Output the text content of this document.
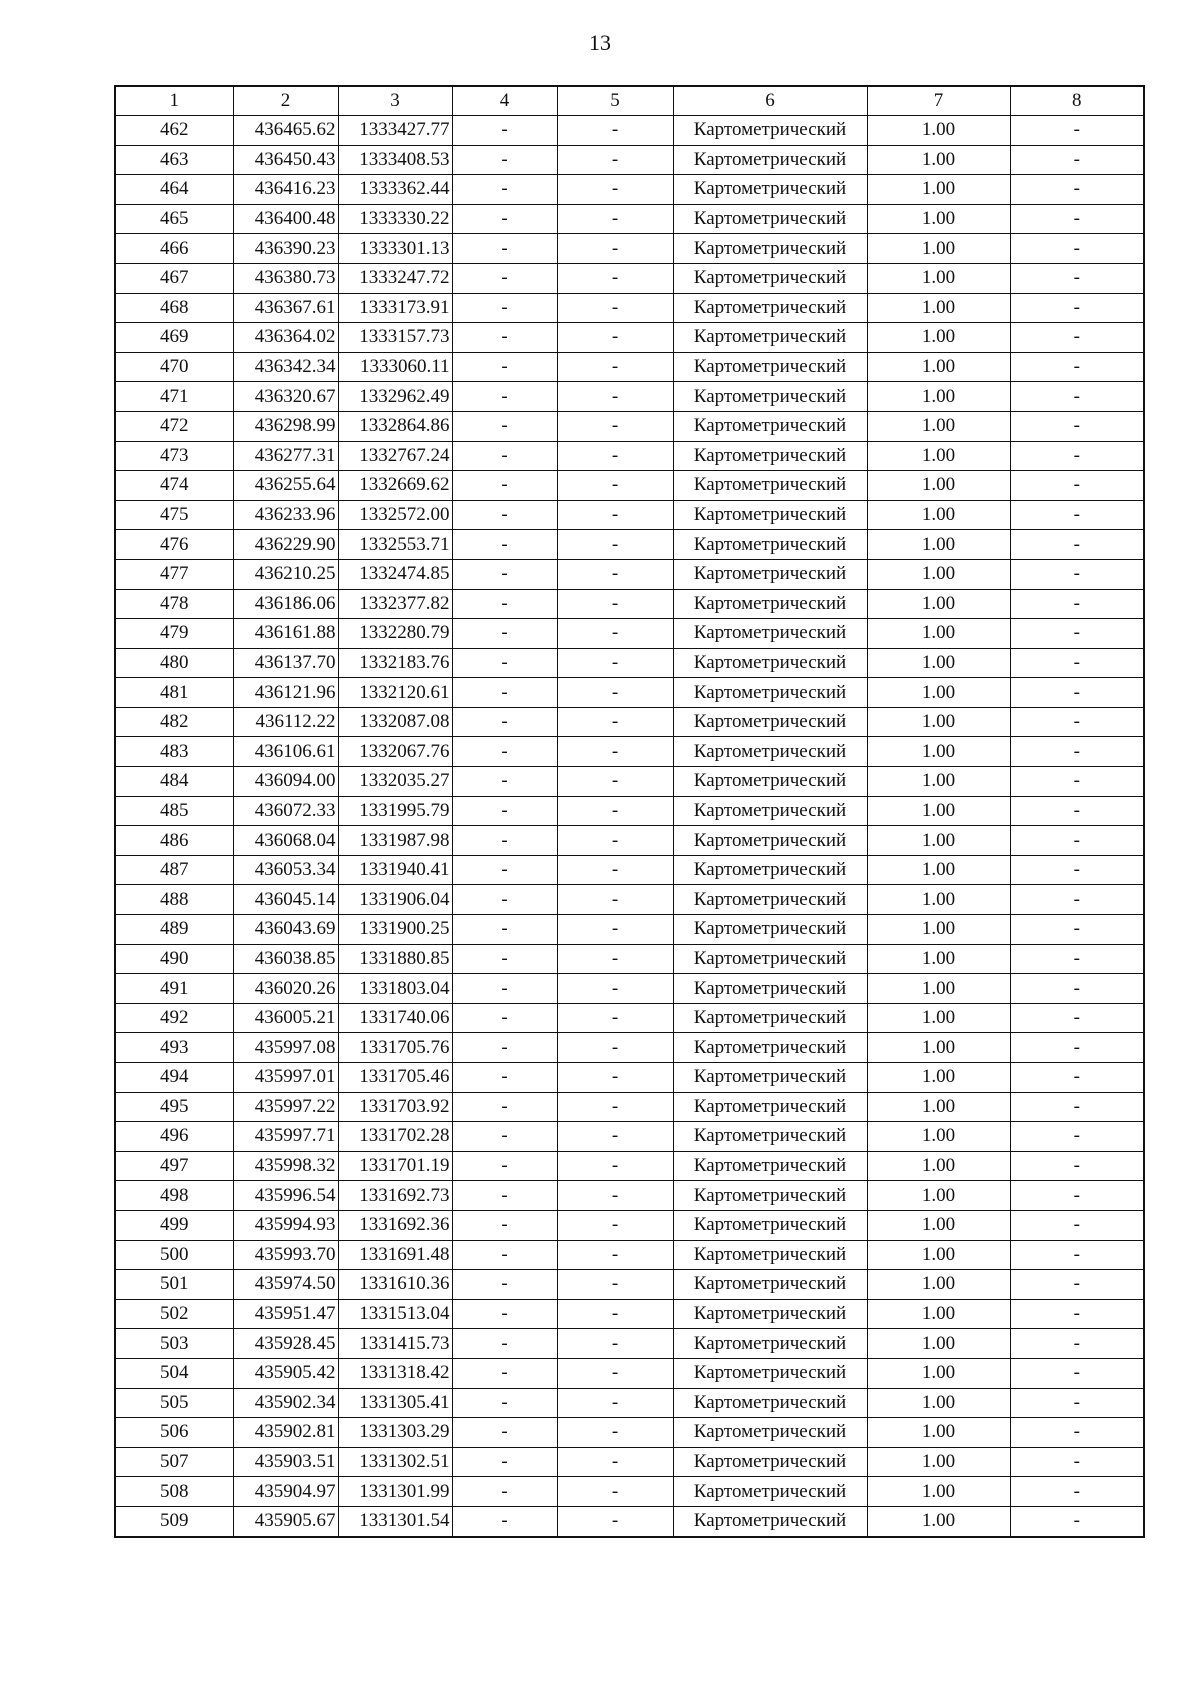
13
1	2	3	4	5	6	7	8
462	436465.62	1333427.77	-	-	Картометрический	1.00	-
463	436450.43	1333408.53	-	-	Картометрический	1.00	-
464	436416.23	1333362.44	-	-	Картометрический	1.00	-
465	436400.48	1333330.22	-	-	Картометрический	1.00	-
466	436390.23	1333301.13	-	-	Картометрический	1.00	-
467	436380.73	1333247.72	-	-	Картометрический	1.00	-
468	436367.61	1333173.91	-	-	Картометрический	1.00	-
469	436364.02	1333157.73	-	-	Картометрический	1.00	-
470	436342.34	1333060.11	-	-	Картометрический	1.00	-
471	436320.67	1332962.49	-	-	Картометрический	1.00	-
472	436298.99	1332864.86	-	-	Картометрический	1.00	-
473	436277.31	1332767.24	-	-	Картометрический	1.00	-
474	436255.64	1332669.62	-	-	Картометрический	1.00	-
475	436233.96	1332572.00	-	-	Картометрический	1.00	-
476	436229.90	1332553.71	-	-	Картометрический	1.00	-
477	436210.25	1332474.85	-	-	Картометрический	1.00	-
478	436186.06	1332377.82	-	-	Картометрический	1.00	-
479	436161.88	1332280.79	-	-	Картометрический	1.00	-
480	436137.70	1332183.76	-	-	Картометрический	1.00	-
481	436121.96	1332120.61	-	-	Картометрический	1.00	-
482	436112.22	1332087.08	-	-	Картометрический	1.00	-
483	436106.61	1332067.76	-	-	Картометрический	1.00	-
484	436094.00	1332035.27	-	-	Картометрический	1.00	-
485	436072.33	1331995.79	-	-	Картометрический	1.00	-
486	436068.04	1331987.98	-	-	Картометрический	1.00	-
487	436053.34	1331940.41	-	-	Картометрический	1.00	-
488	436045.14	1331906.04	-	-	Картометрический	1.00	-
489	436043.69	1331900.25	-	-	Картометрический	1.00	-
490	436038.85	1331880.85	-	-	Картометрический	1.00	-
491	436020.26	1331803.04	-	-	Картометрический	1.00	-
492	436005.21	1331740.06	-	-	Картометрический	1.00	-
493	435997.08	1331705.76	-	-	Картометрический	1.00	-
494	435997.01	1331705.46	-	-	Картометрический	1.00	-
495	435997.22	1331703.92	-	-	Картометрический	1.00	-
496	435997.71	1331702.28	-	-	Картометрический	1.00	-
497	435998.32	1331701.19	-	-	Картометрический	1.00	-
498	435996.54	1331692.73	-	-	Картометрический	1.00	-
499	435994.93	1331692.36	-	-	Картометрический	1.00	-
500	435993.70	1331691.48	-	-	Картометрический	1.00	-
501	435974.50	1331610.36	-	-	Картометрический	1.00	-
502	435951.47	1331513.04	-	-	Картометрический	1.00	-
503	435928.45	1331415.73	-	-	Картометрический	1.00	-
504	435905.42	1331318.42	-	-	Картометрический	1.00	-
505	435902.34	1331305.41	-	-	Картометрический	1.00	-
506	435902.81	1331303.29	-	-	Картометрический	1.00	-
507	435903.51	1331302.51	-	-	Картометрический	1.00	-
508	435904.97	1331301.99	-	-	Картометрический	1.00	-
509	435905.67	1331301.54	-	-	Картометрический	1.00	-
